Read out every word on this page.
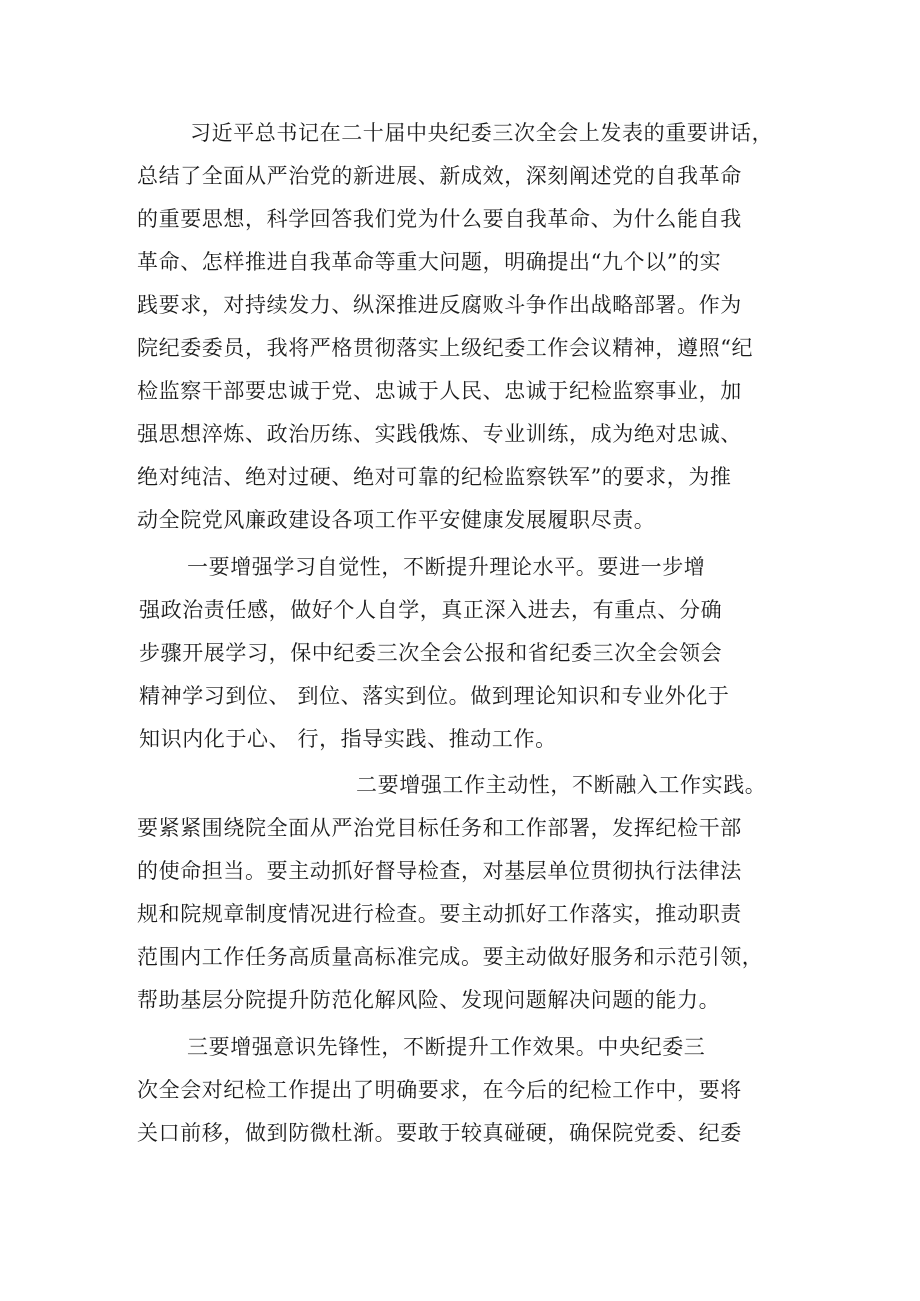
习近平总书记在二十届中央纪委三次全会上发表的重要讲话，
总结了全面从严治党的新进展、新成效，深刻阐述党的自我革命
的重要思想，科学回答我们党为什么要自我革命、为什么能自我
革命、怎样推进自我革命等重大问题，明确提出“九个以”的实
践要求，对持续发力、纵深推进反腐败斗争作出战略部署。作为
院纪委委员，我将严格贯彻落实上级纪委工作会议精神，遵照“纪
检监察干部要忠诚于党、忠诚于人民、忠诚于纪检监察事业，加
强思想淬炼、政治历练、实践俄炼、专业训练，成为绝对忠诚、
绝对纯洁、绝对过硬、绝对可靠的纪检监察铁军”的要求，为推
动全院党风廉政建设各项工作平安健康发展履职尽责。
一要增强学习自觉性，不断提升理论水平。要进一步增
强政治责任感，做好个人自学，真正深入进去，有重点、分确
步骤开展学习，保中纪委三次全会公报和省纪委三次全会领会
精神学习到位、 到位、落实到位。做到理论知识和专业外化于
知识内化于心、 行，指导实践、推动工作。
二要增强工作主动性，不断融入工作实践。
要紧紧围绕院全面从严治党目标任务和工作部署，发挥纪检干部
的使命担当。要主动抓好督导检查，对基层单位贯彻执行法律法
规和院规章制度情况进行检查。要主动抓好工作落实，推动职责
范围内工作任务高质量高标准完成。要主动做好服务和示范引领，
帮助基层分院提升防范化解风险、发现问题解决问题的能力。
三要增强意识先锋性，不断提升工作效果。中央纪委三
次全会对纪检工作提出了明确要求，在今后的纪检工作中，要将
关口前移，做到防微杜渐。要敢于较真碰硬，确保院党委、纪委
